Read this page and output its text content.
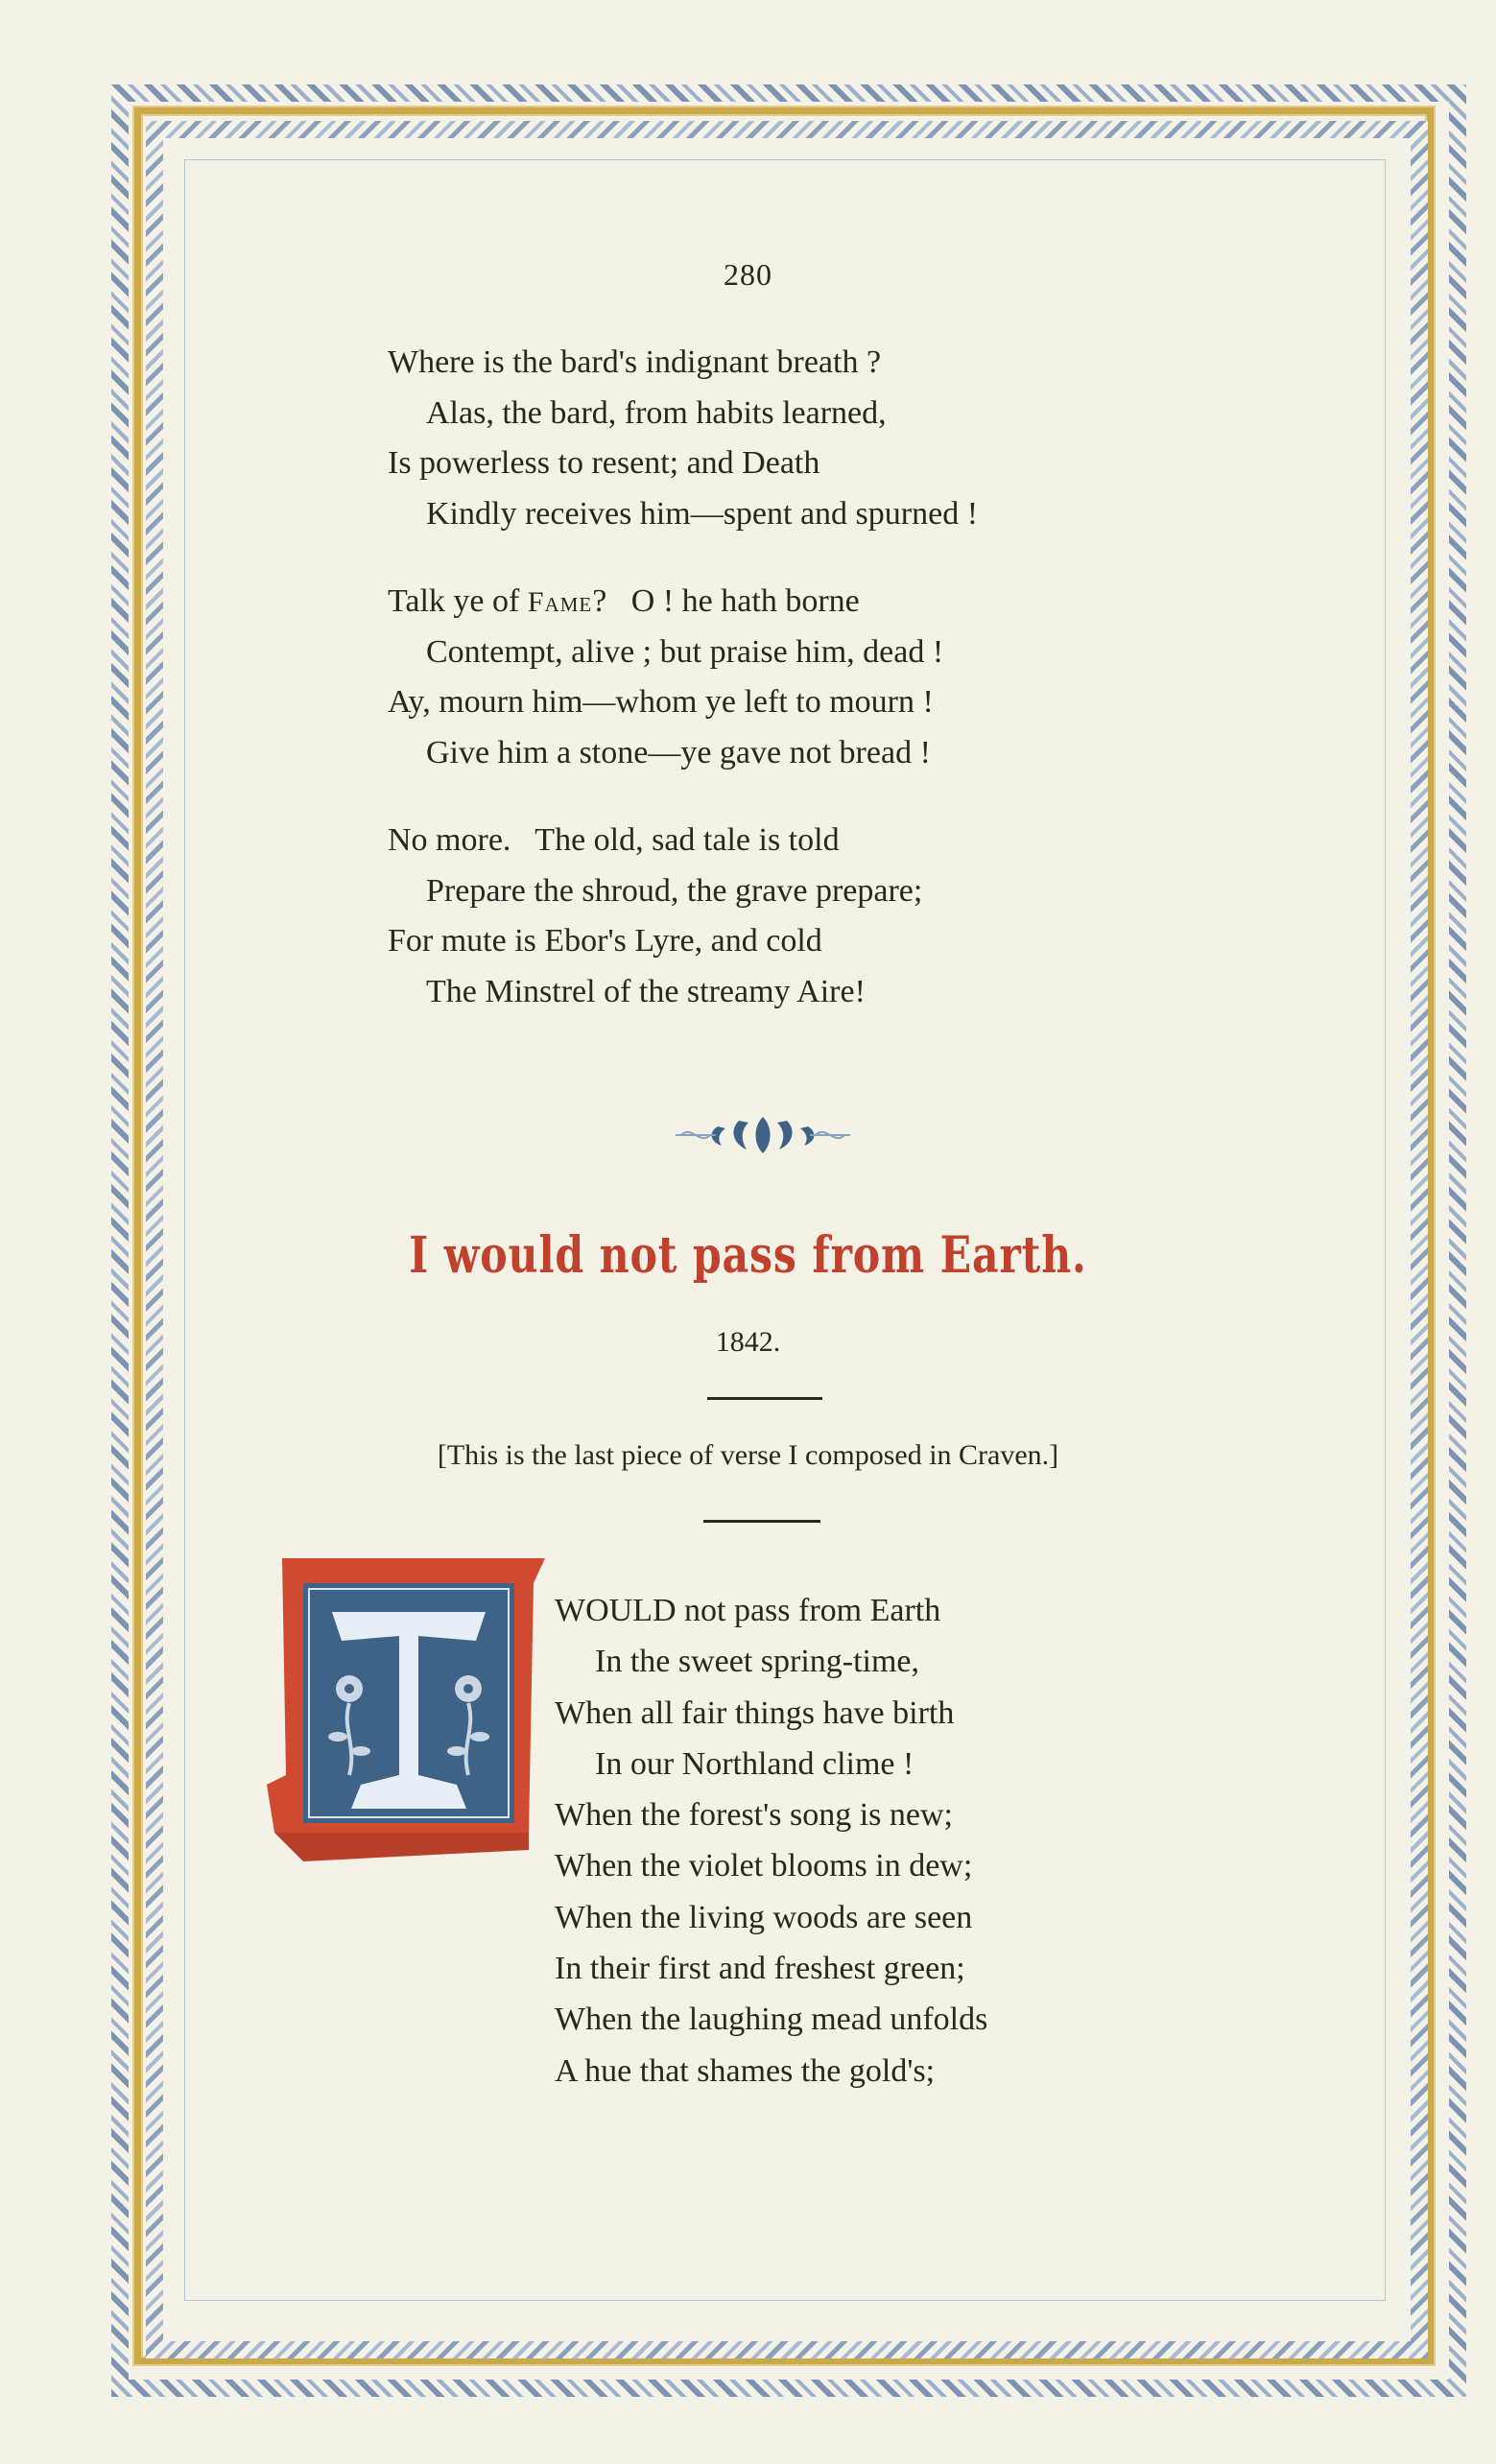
280
Where is the bard's indignant breath ?
Alas, the bard, from habits learned,
Is powerless to resent; and Death
Kindly receives him—spent and spurned !
Talk ye of Fame?   O ! he hath borne
Contempt, alive ; but praise him, dead !
Ay, mourn him—whom ye left to mourn !
Give him a stone—ye gave not bread !
No more.   The old, sad tale is told
Prepare the shroud, the grave prepare;
For mute is Ebor's Lyre, and cold
The Minstrel of the streamy Aire!
I would not pass from Earth.
1842.
[This is the last piece of verse I composed in Craven.]
WOULD not pass from Earth
In the sweet spring-time,
When all fair things have birth
In our Northland clime !
When the forest's song is new;
When the violet blooms in dew;
When the living woods are seen
In their first and freshest green;
When the laughing mead unfolds
A hue that shames the gold's;
